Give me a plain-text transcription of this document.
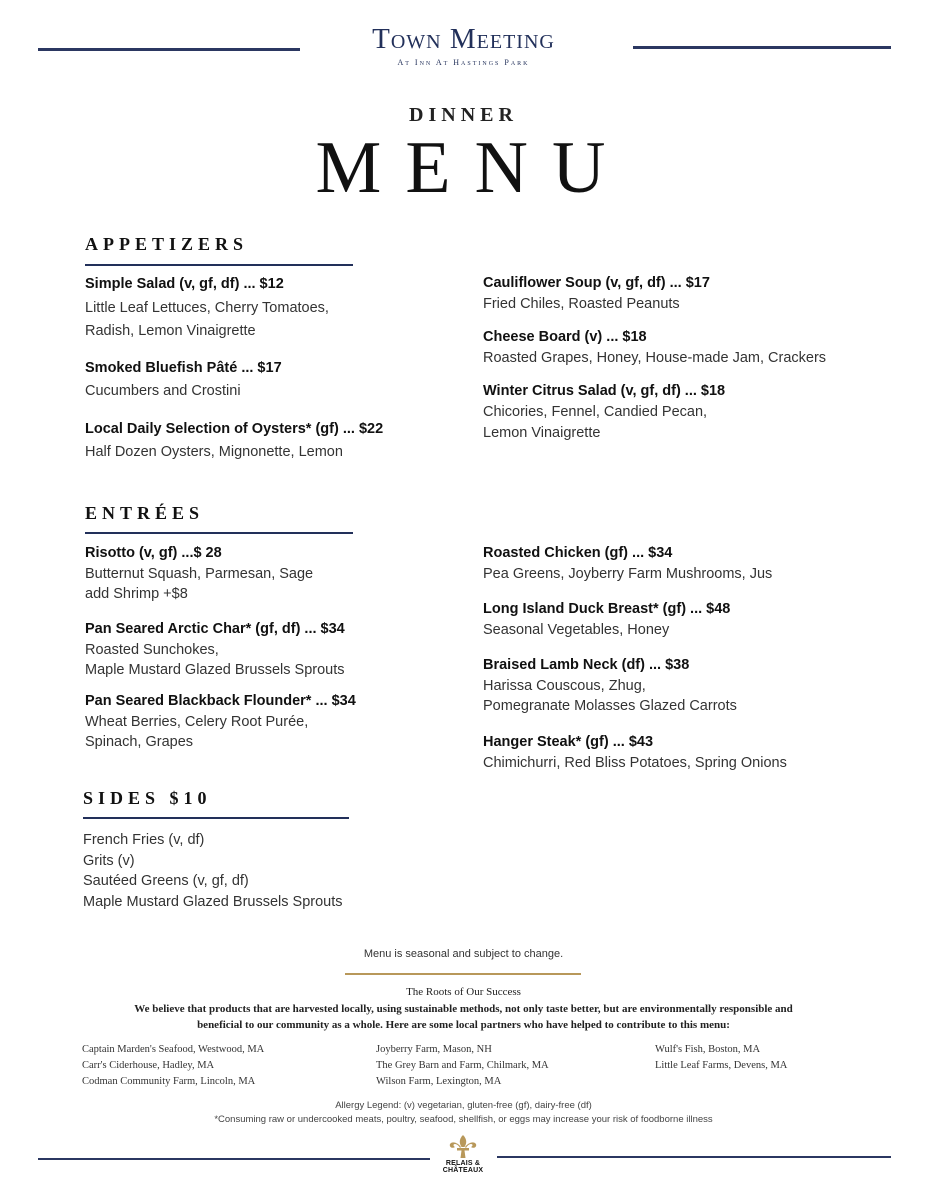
Town Meeting
At Inn At Hastings Park
DINNER
MENU
APPETIZERS
Simple Salad (v, gf, df) ... $12
Little Leaf Lettuces, Cherry Tomatoes,
Radish, Lemon Vinaigrette
Smoked Bluefish Pâté ... $17
Cucumbers and Crostini
Local Daily Selection of Oysters* (gf) ... $22
Half Dozen Oysters, Mignonette, Lemon
Cauliflower Soup (v, gf, df) ... $17
Fried Chiles, Roasted Peanuts
Cheese Board (v) ... $18
Roasted Grapes, Honey, House-made Jam, Crackers
Winter Citrus Salad (v, gf, df) ... $18
Chicories, Fennel, Candied Pecan,
Lemon Vinaigrette
ENTRÉES
Risotto (v, gf) ...$ 28
Butternut Squash, Parmesan, Sage
add Shrimp +$8
Pan Seared Arctic Char* (gf, df) ... $34
Roasted Sunchokes,
Maple Mustard Glazed Brussels Sprouts
Pan Seared Blackback Flounder* ... $34
Wheat Berries, Celery Root Purée,
Spinach, Grapes
Roasted Chicken (gf) ... $34
Pea Greens, Joyberry Farm Mushrooms, Jus
Long Island Duck Breast* (gf) ... $48
Seasonal Vegetables, Honey
Braised Lamb Neck (df) ... $38
Harissa Couscous, Zhug,
Pomegranate Molasses Glazed Carrots
Hanger Steak* (gf) ... $43
Chimichurri, Red Bliss Potatoes, Spring Onions
SIDES $10
French Fries (v, df)
Grits (v)
Sautéed Greens (v, gf, df)
Maple Mustard Glazed Brussels Sprouts
Menu is seasonal and subject to change.
The Roots of Our Success
We believe that products that are harvested locally, using sustainable methods, not only taste better, but are environmentally responsible and
beneficial to our community as a whole. Here are some local partners who have helped to contribute to this menu:
Captain Marden's Seafood, Westwood, MA
Carr's Ciderhouse, Hadley, MA
Codman Community Farm, Lincoln, MA
Joyberry Farm, Mason, NH
The Grey Barn and Farm, Chilmark, MA
Wilson Farm, Lexington, MA
Wulf's Fish, Boston, MA
Little Leaf Farms, Devens, MA
Allergy Legend: (v) vegetarian, gluten-free (gf), dairy-free (df)
*Consuming raw or undercooked meats, poultry, seafood, shellfish, or eggs may increase your risk of foodborne illness
RELAIS &
CHÂTEAUX
